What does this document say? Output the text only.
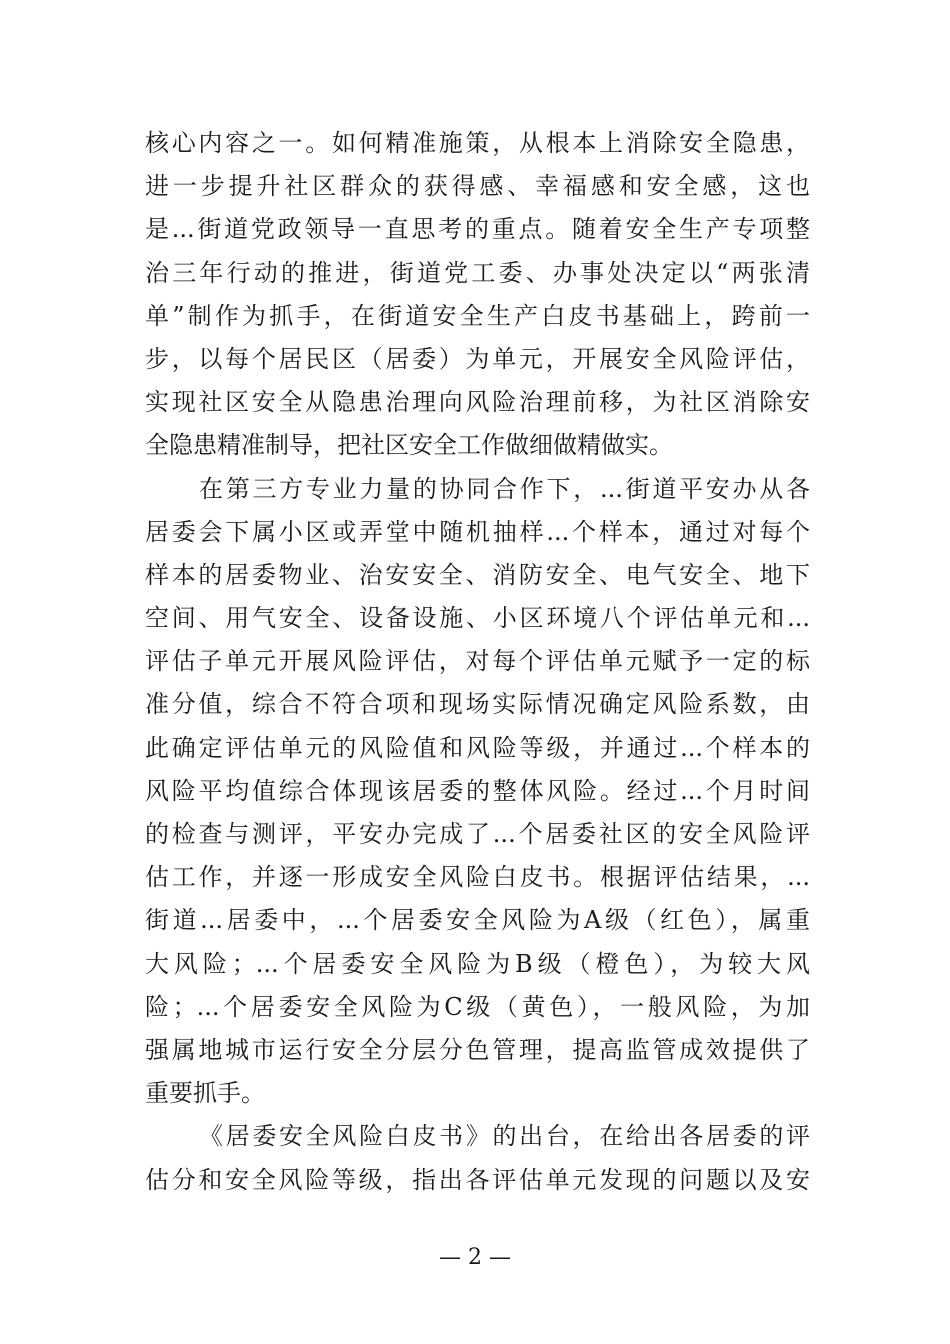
核心内容之一。如何精准施策，从根本上消除安全隐患，
进一步提升社区群众的获得感、幸福感和安全感，这也
是...街道党政领导一直思考的重点。随着安全生产专项整
治三年行动的推进，街道党工委、办事处决定以“两张清
单”制作为抓手，在街道安全生产白皮书基础上，跨前一
步，以每个居民区（居委）为单元，开展安全风险评估，
实现社区安全从隐患治理向风险治理前移，为社区消除安
全隐患精准制导，把社区安全工作做细做精做实。
在第三方专业力量的协同合作下，...街道平安办从各
居委会下属小区或弄堂中随机抽样...个样本，通过对每个
样本的居委物业、治安安全、消防安全、电气安全、地下
空间、用气安全、设备设施、小区环境八个评估单元和...
评估子单元开展风险评估，对每个评估单元赋予一定的标
准分值，综合不符合项和现场实际情况确定风险系数，由
此确定评估单元的风险值和风险等级，并通过...个样本的
风险平均值综合体现该居委的整体风险。经过...个月时间
的检查与测评，平安办完成了...个居委社区的安全风险评
估工作，并逐一形成安全风险白皮书。根据评估结果，...
街道...居委中，...个居委安全风险为A级（红色），属重
大风险；...个居委安全风险为B级（橙色），为较大风
险；...个居委安全风险为C级（黄色），一般风险，为加
强属地城市运行安全分层分色管理，提高监管成效提供了
重要抓手。
《居委安全风险白皮书》的出台，在给出各居委的评
估分和安全风险等级，指出各评估单元发现的问题以及安
— 2 —
